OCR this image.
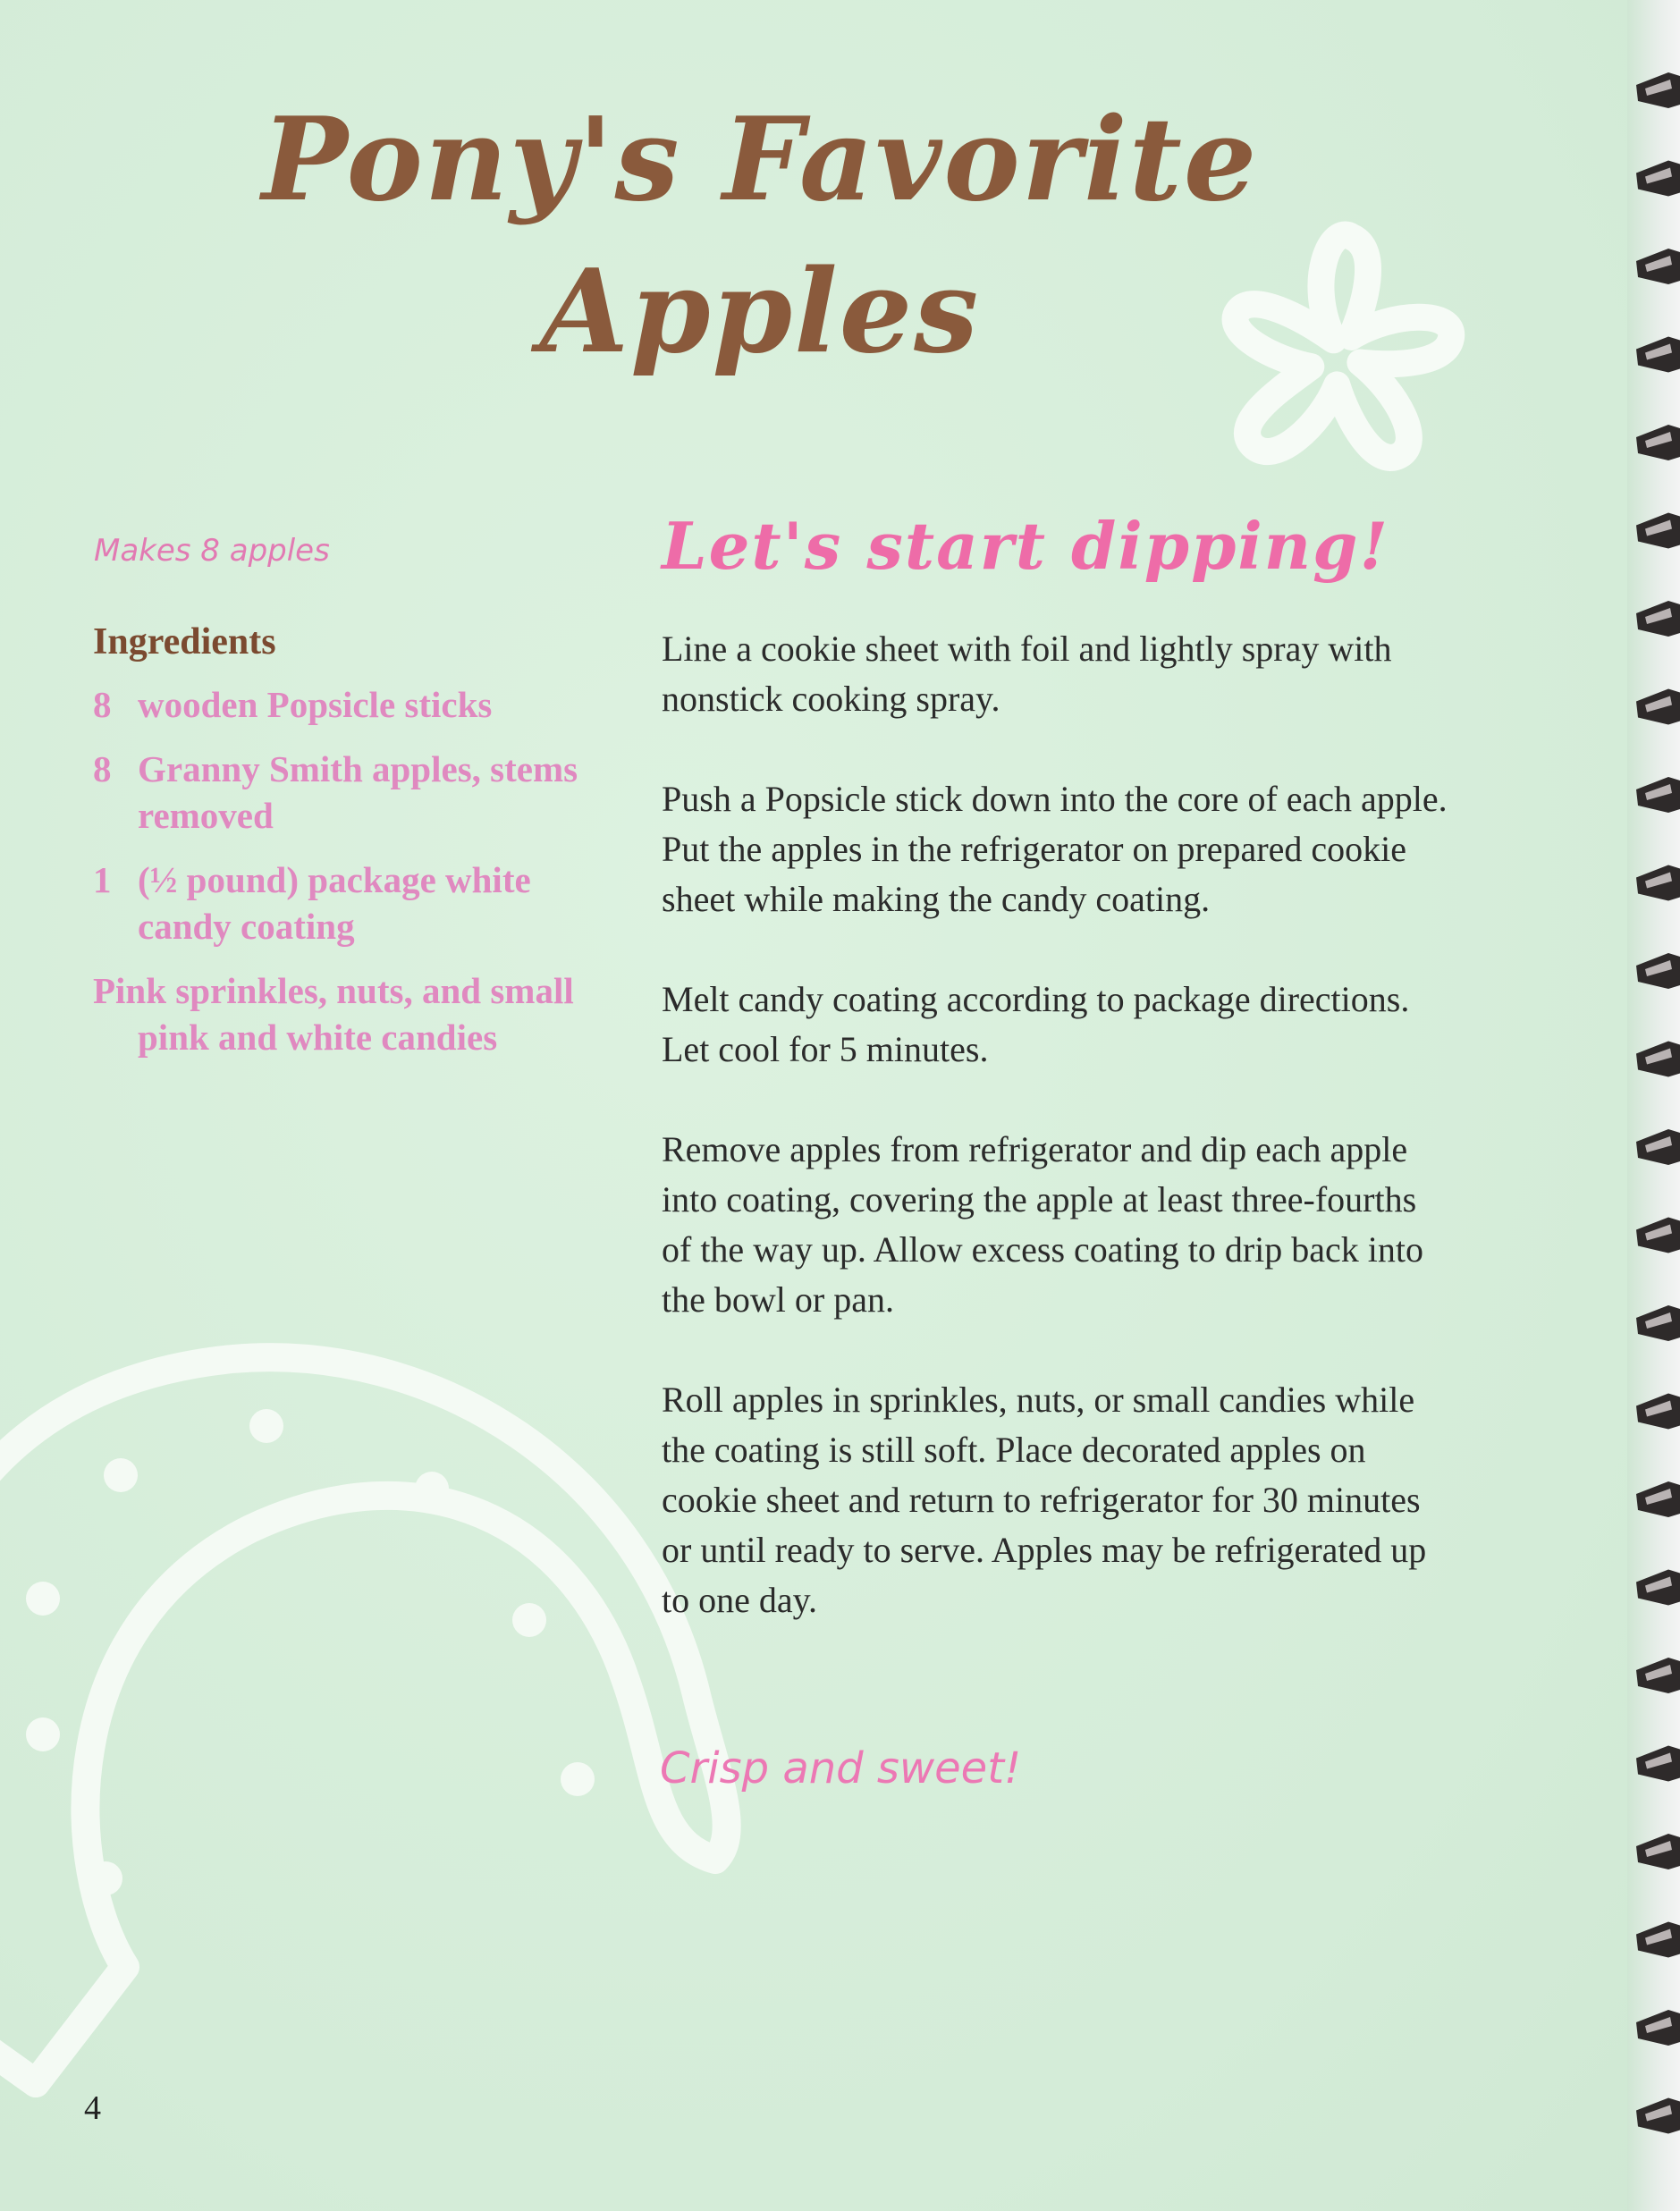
Pony's Favorite
Apples
Makes 8 apples
Ingredients
8 wooden Popsicle sticks
8 Granny Smith apples, stems removed
1 (½ pound) package white candy coating
Pink sprinkles, nuts, and small pink and white candies
Let's start dipping!

Line a cookie sheet with foil and lightly spray with nonstick cooking spray.

Push a Popsicle stick down into the core of each apple. Put the apples in the refrigerator on prepared cookie sheet while making the candy coating.

Melt candy coating according to package directions. Let cool for 5 minutes.

Remove apples from refrigerator and dip each apple into coating, covering the apple at least three-fourths of the way up. Allow excess coating to drip back into the bowl or pan.

Roll apples in sprinkles, nuts, or small candies while the coating is still soft. Place decorated apples on cookie sheet and return to refrigerator for 30 minutes or until ready to serve. Apples may be refrigerated up to one day.

Crisp and sweet!
4
